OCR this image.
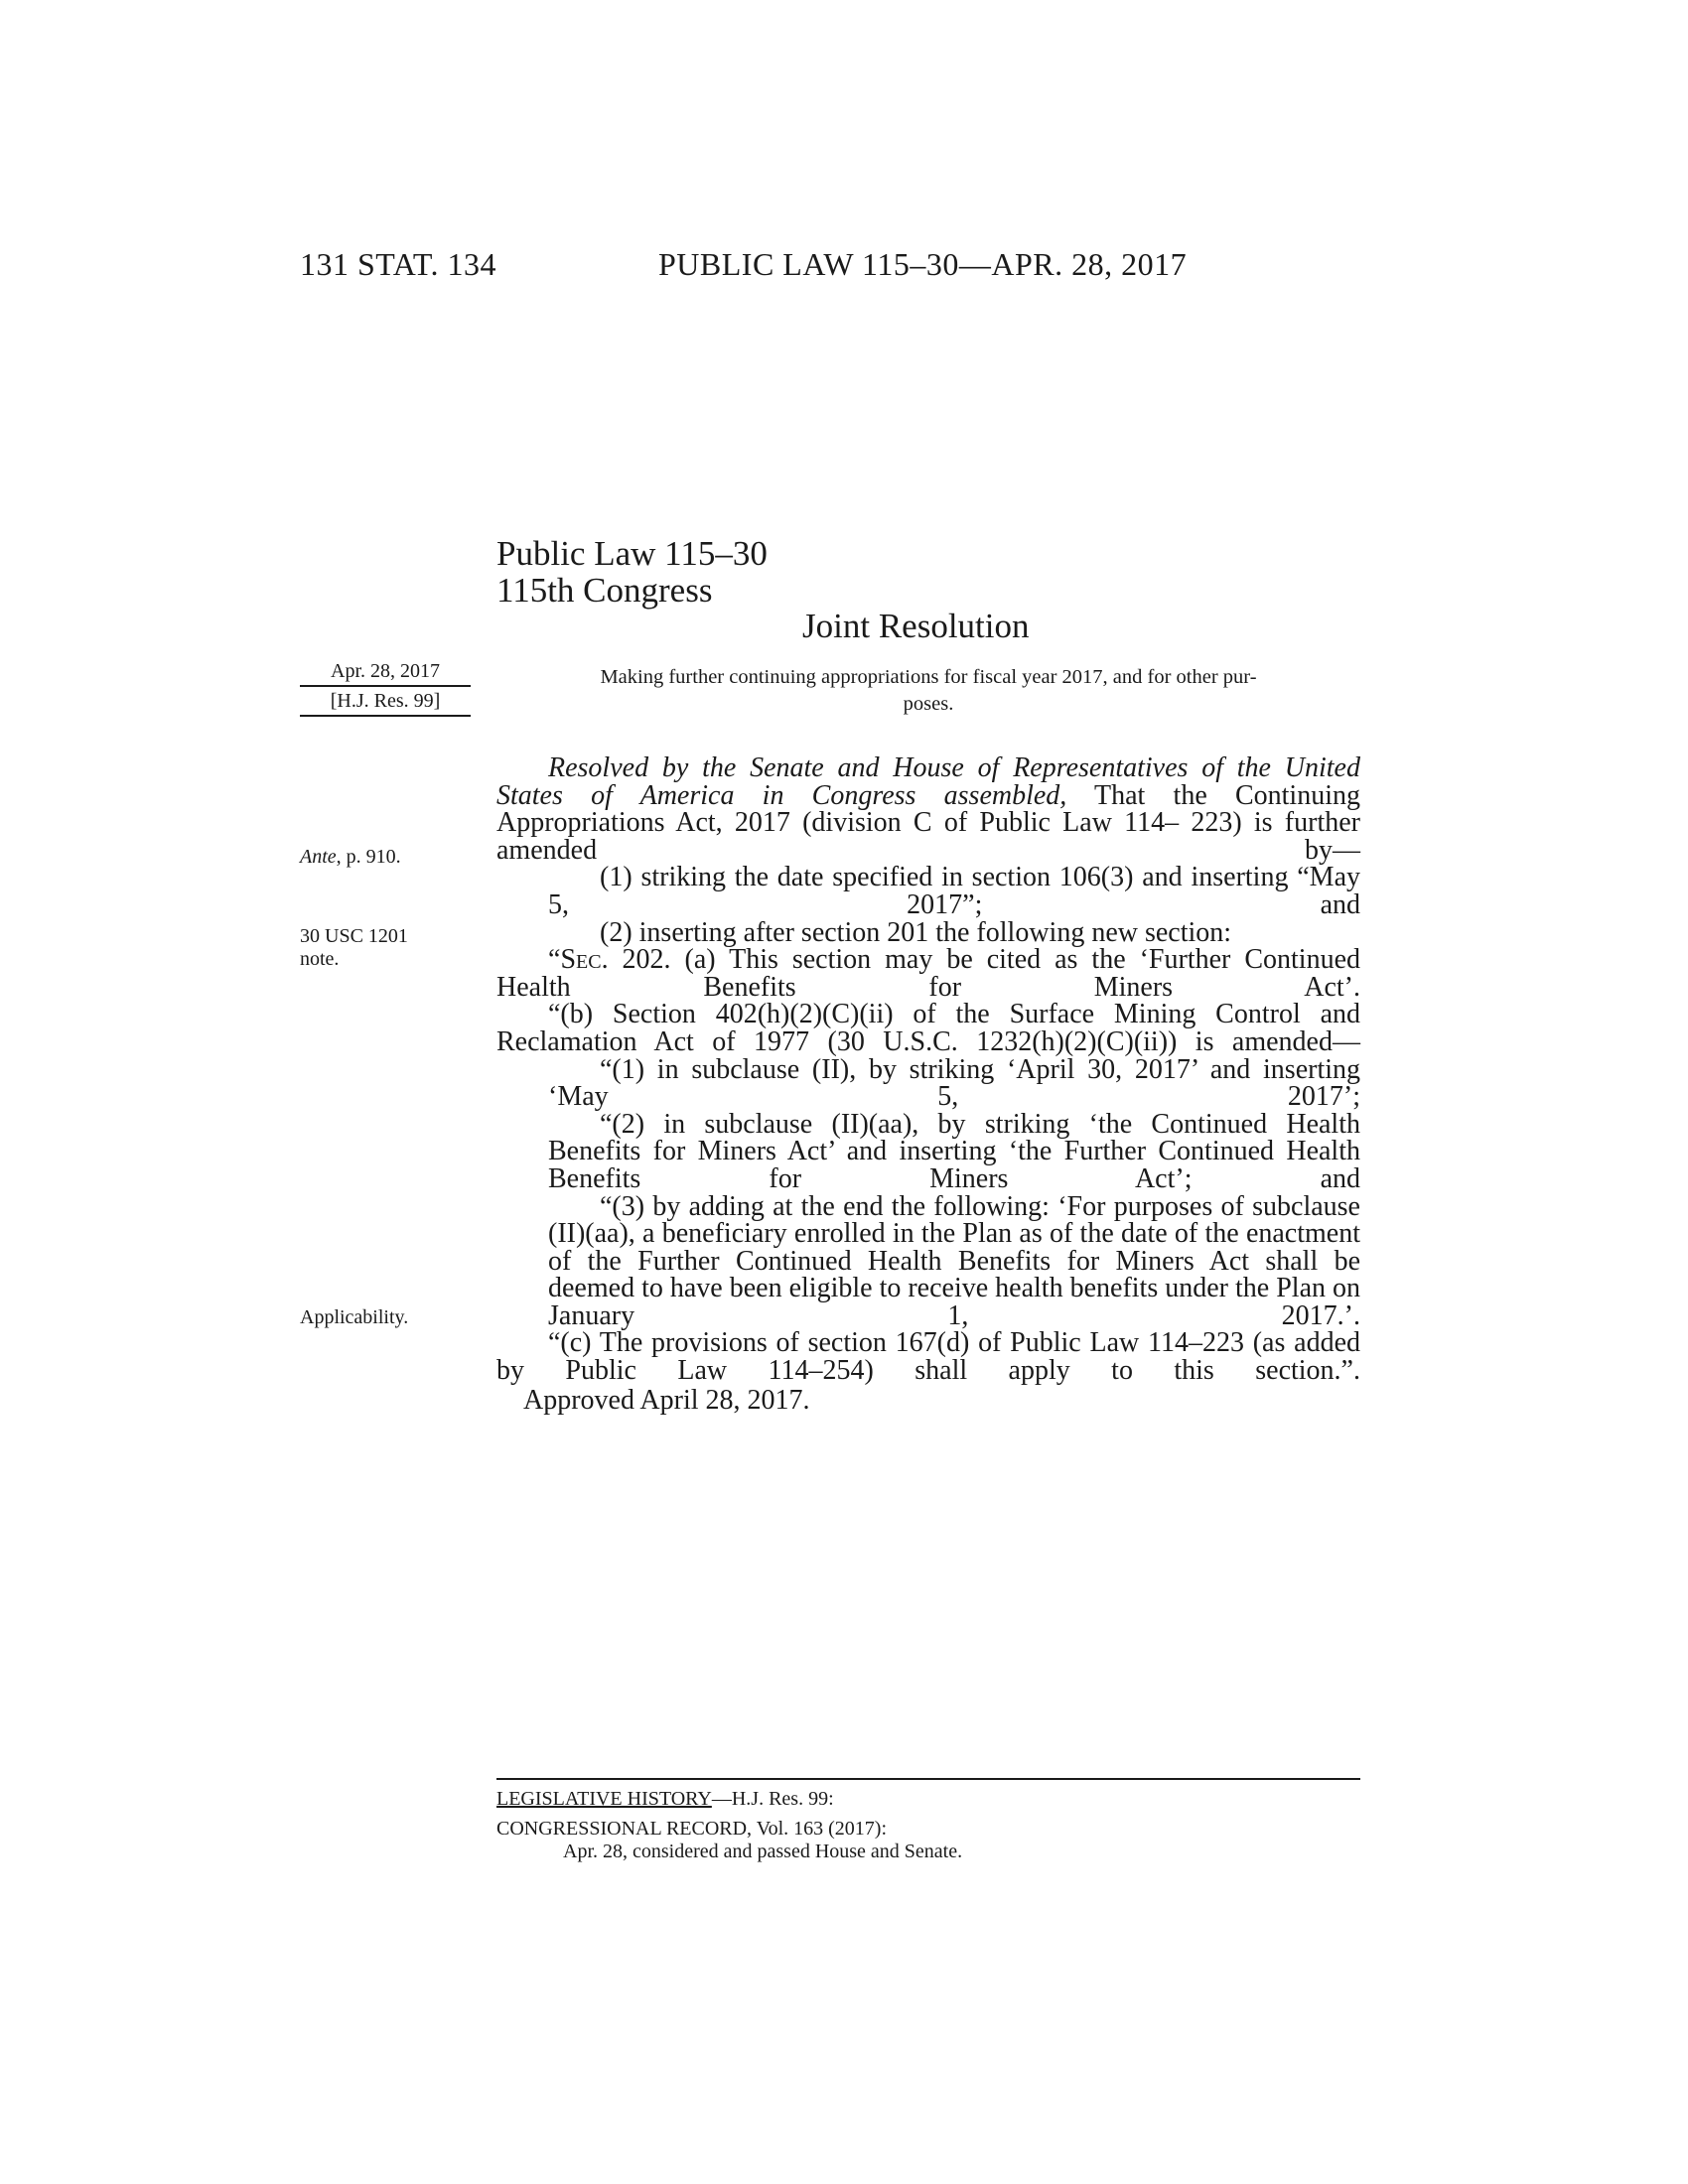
131 STAT. 134	PUBLIC LAW 115–30—APR. 28, 2017
Public Law 115–30
115th Congress
Joint Resolution
Apr. 28, 2017
[H.J. Res. 99]
Making further continuing appropriations for fiscal year 2017, and for other pur-
poses.
Ante, p. 910.
30 USC 1201
note.
Applicability.

Resolved by the Senate and House of Representatives of the United States of America in Congress assembled, That the Continuing Appropriations Act, 2017 (division C of Public Law 114– 223) is further amended by—

(1) striking the date specified in section 106(3) and inserting “May 5, 2017”; and

(2) inserting after section 201 the following new section:

“Sec. 202. (a) This section may be cited as the ‘Further Continued Health Benefits for Miners Act’.

“(b) Section 402(h)(2)(C)(ii) of the Surface Mining Control and Reclamation Act of 1977 (30 U.S.C. 1232(h)(2)(C)(ii)) is amended—

“(1) in subclause (II), by striking ‘April 30, 2017’ and inserting ‘May 5, 2017’;

“(2) in subclause (II)(aa), by striking ‘the Continued Health Benefits for Miners Act’ and inserting ‘the Further Continued Health Benefits for Miners Act’; and

“(3) by adding at the end the following: ‘For purposes of subclause (II)(aa), a beneficiary enrolled in the Plan as of the date of the enactment of the Further Continued Health Benefits for Miners Act shall be deemed to have been eligible to receive health benefits under the Plan on January 1, 2017.’.

“(c) The provisions of section 167(d) of Public Law 114–223 (as added by Public Law 114–254) shall apply to this section.”.

Approved April 28, 2017.
LEGISLATIVE HISTORY—H.J. Res. 99:
CONGRESSIONAL RECORD, Vol. 163 (2017):
Apr. 28, considered and passed House and Senate.
